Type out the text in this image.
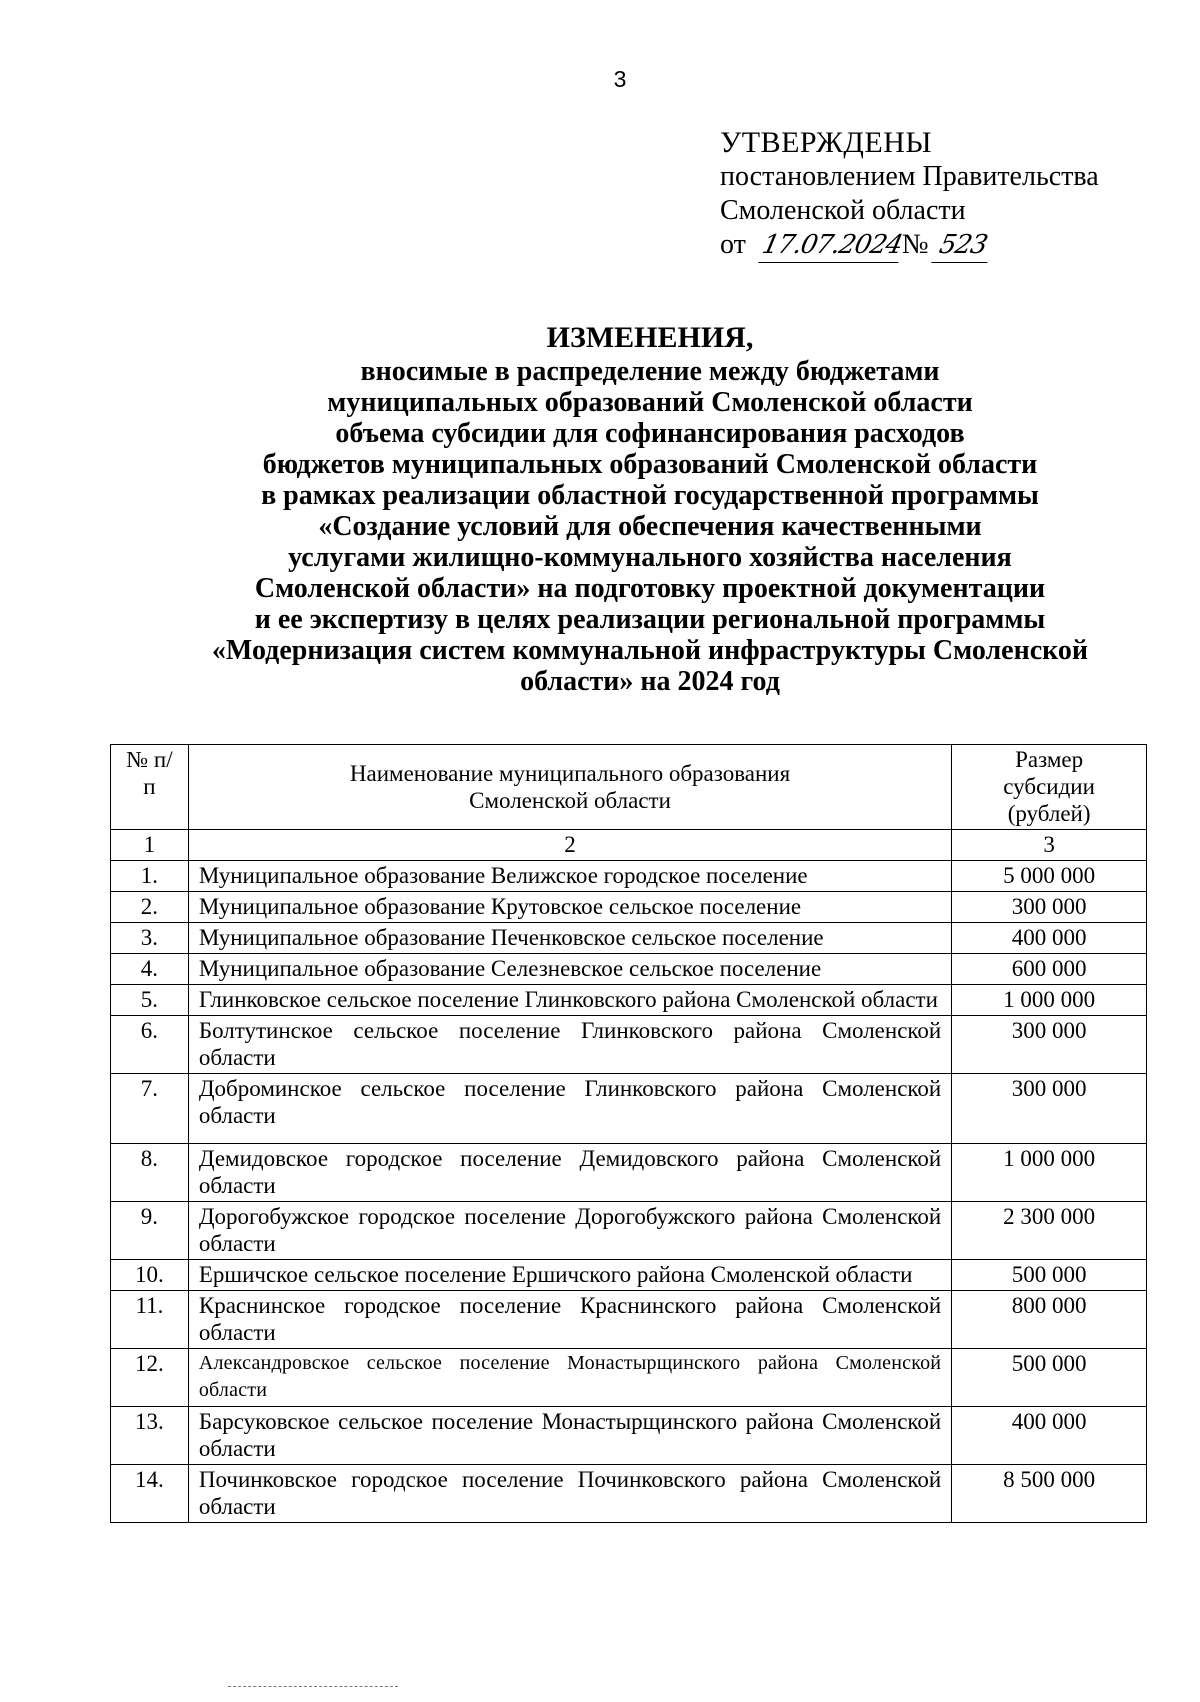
3
УТВЕРЖДЕНЫ
постановлением Правительства
Смоленской области
от 17.07.2024
№ 523
ИЗМЕНЕНИЯ,
вносимые в распределение между бюджетами
муниципальных образований Смоленской области
объема субсидии для софинансирования расходов
бюджетов муниципальных образований Смоленской области
в рамках реализации областной государственной программы
«Создание условий для обеспечения качественными
услугами жилищно-коммунального хозяйства населения
Смоленской области» на подготовку проектной документации
и ее экспертизу в целях реализации региональной программы
«Модернизация систем коммунальной инфраструктуры Смоленской
области» на 2024 год
№ п/п	Наименование муниципального образования Смоленской области	Размер субсидии (рублей)
1	2	3
1.	Муниципальное образование Велижское городское поселение	5 000 000
2.	Муниципальное образование Крутовское сельское поселение	300 000
3.	Муниципальное образование Печенковское сельское поселение	400 000
4.	Муниципальное образование Селезневское сельское поселение	600 000
5.	Глинковское сельское поселение Глинковского района Смоленской области	1 000 000
6.	Болтутинское сельское поселение Глинковского района Смоленской области	300 000
7.	Доброминское сельское поселение Глинковского района Смоленской области	300 000
8.	Демидовское городское поселение Демидовского района Смоленской области	1 000 000
9.	Дорогобужское городское поселение Дорогобужского района Смоленской области	2 300 000
10.	Ершичское сельское поселение Ершичского района Смоленской области	500 000
11.	Краснинское городское поселение Краснинского района Смоленской области	800 000
12.	Александровское сельское поселение Монастырщинского района Смоленской области	500 000
13.	Барсуковское сельское поселение Монастырщинского района Смоленской области	400 000
14.	Починковское городское поселение Починковского района Смоленской области	8 500 000
